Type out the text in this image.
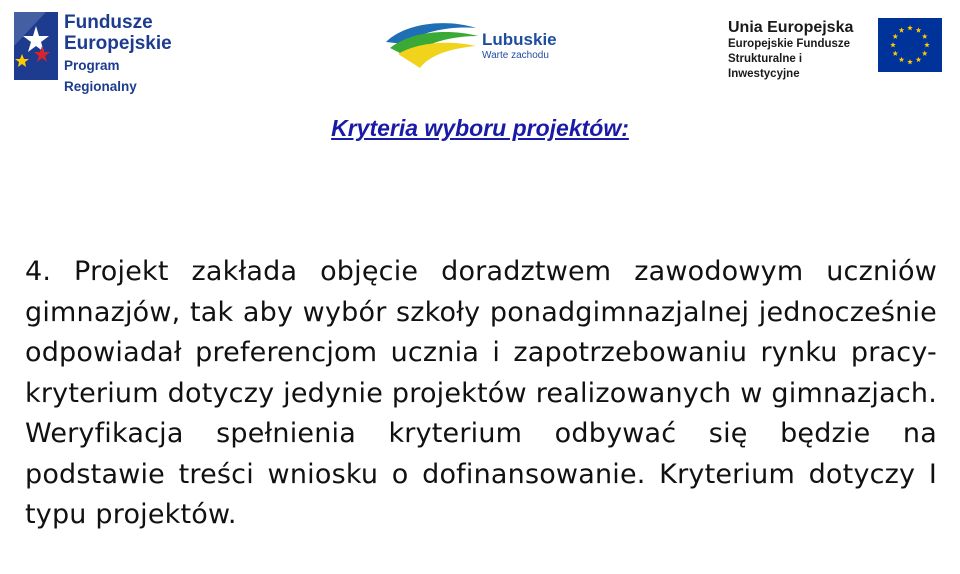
Fundusze
Europejskie
Program Regionalny
Lubuskie
Warte zachodu
Unia Europejska
Europejskie Fundusze
Strukturalne i Inwestycyjne
Kryteria wyboru projektów:

4. Projekt zakłada objęcie doradztwem zawodowym uczniów gimnazjów, tak aby wybór szkoły ponadgimnazjalnej jednocześnie odpowiadał preferencjom ucznia i zapotrzebowaniu rynku pracy- kryterium dotyczy jedynie projektów realizowanych w gimnazjach. Weryfikacja spełnienia kryterium odbywać się będzie na podstawie treści wniosku o dofinansowanie. Kryterium dotyczy I typu projektów.
